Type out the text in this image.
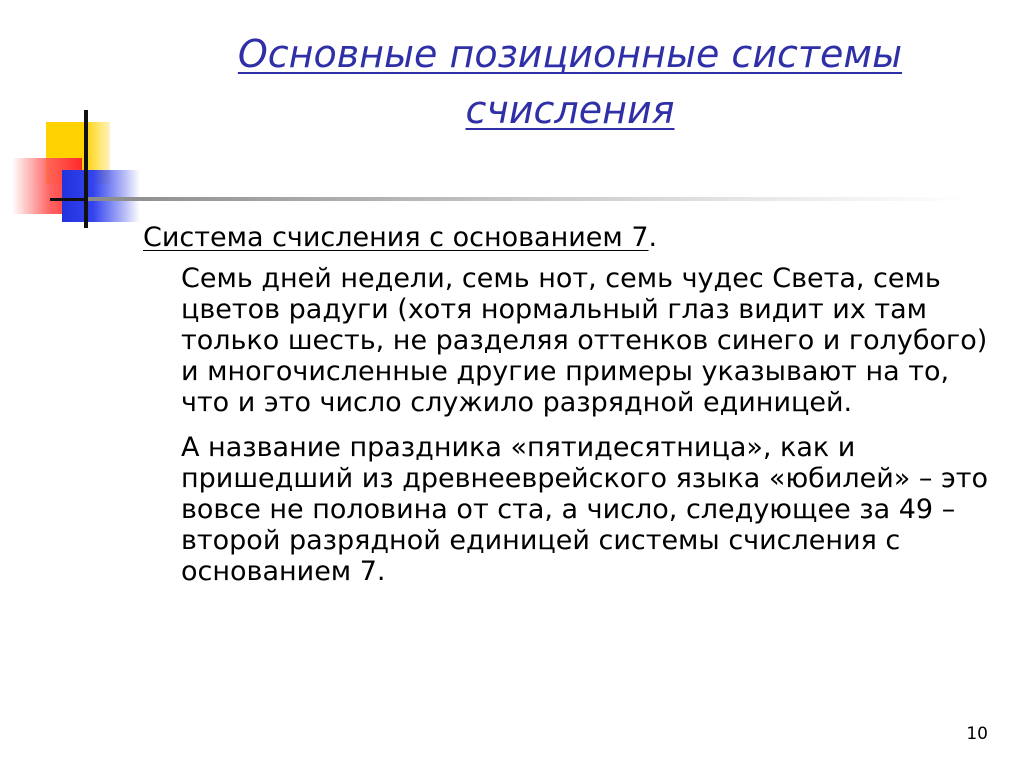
Основные позиционные системы
счисления

Система счисления с основанием 7.

Семь дней недели, семь нот, семь чудес Света, семь цветов радуги (хотя нормальный глаз видит их там только шесть, не разделяя оттенков синего и голубого) и многочисленные другие примеры указывают на то, что и это число служило разрядной единицей.

А название праздника «пятидесятница», как и пришедший из древнееврейского языка «юбилей» – это вовсе не половина от ста, а число, следующее за 49 – второй разрядной единицей системы счисления с основанием 7.

10
